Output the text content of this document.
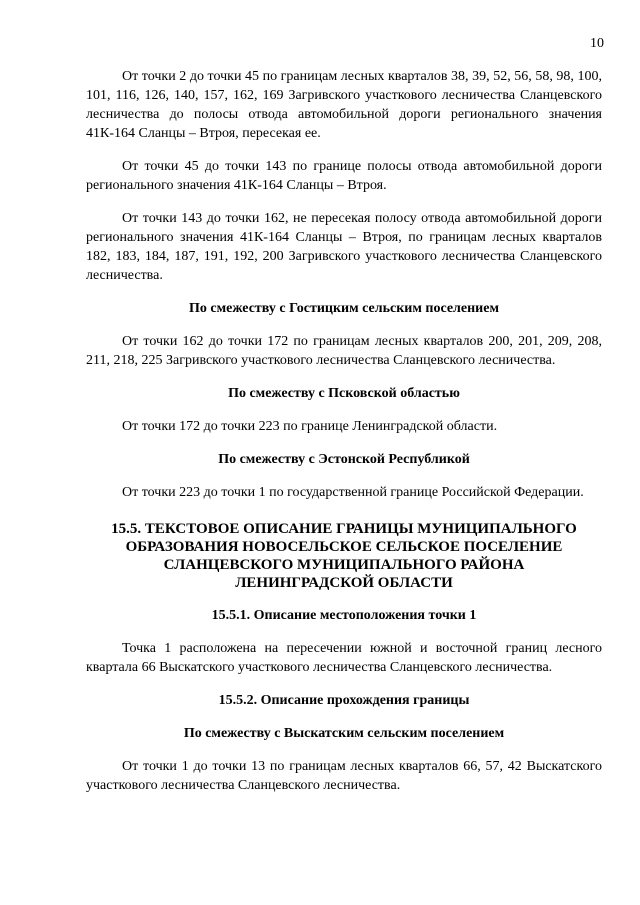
10

От точки 2 до точки 45 по границам лесных кварталов 38, 39, 52, 56, 58, 98, 100, 101, 116, 126, 140, 157, 162, 169 Загривского участкового лесничества Сланцевского лесничества до полосы отвода автомобильной дороги регионального значения 41К-164 Сланцы – Втроя, пересекая ее.

От точки 45 до точки 143 по границе полосы отвода автомобильной дороги регионального значения 41К-164 Сланцы – Втроя.

От точки 143 до точки 162, не пересекая полосу отвода автомобильной дороги регионального значения 41К-164 Сланцы – Втроя, по границам лесных кварталов 182, 183, 184, 187, 191, 192, 200 Загривского участкового лесничества Сланцевского лесничества.

По смежеству с Гостицким сельским поселением

От точки 162 до точки 172 по границам лесных кварталов 200, 201, 209, 208, 211, 218, 225 Загривского участкового лесничества Сланцевского лесничества.

По смежеству с Псковской областью

От точки 172 до точки 223 по границе Ленинградской области.

По смежеству с Эстонской Республикой

От точки 223 до точки 1 по государственной границе Российской Федерации.

15.5. ТЕКСТОВОЕ ОПИСАНИЕ ГРАНИЦЫ МУНИЦИПАЛЬНОГО

ОБРАЗОВАНИЯ НОВОСЕЛЬСКОЕ СЕЛЬСКОЕ ПОСЕЛЕНИЕ

СЛАНЦЕВСКОГО МУНИЦИПАЛЬНОГО РАЙОНА

ЛЕНИНГРАДСКОЙ ОБЛАСТИ

15.5.1. Описание местоположения точки 1

Точка 1 расположена на пересечении южной и восточной границ лесного квартала 66 Выскатского участкового лесничества Сланцевского лесничества.

15.5.2. Описание прохождения границы

По смежеству с Выскатским сельским поселением

От точки 1 до точки 13 по границам лесных кварталов 66, 57, 42 Выскатского участкового лесничества Сланцевского лесничества.
